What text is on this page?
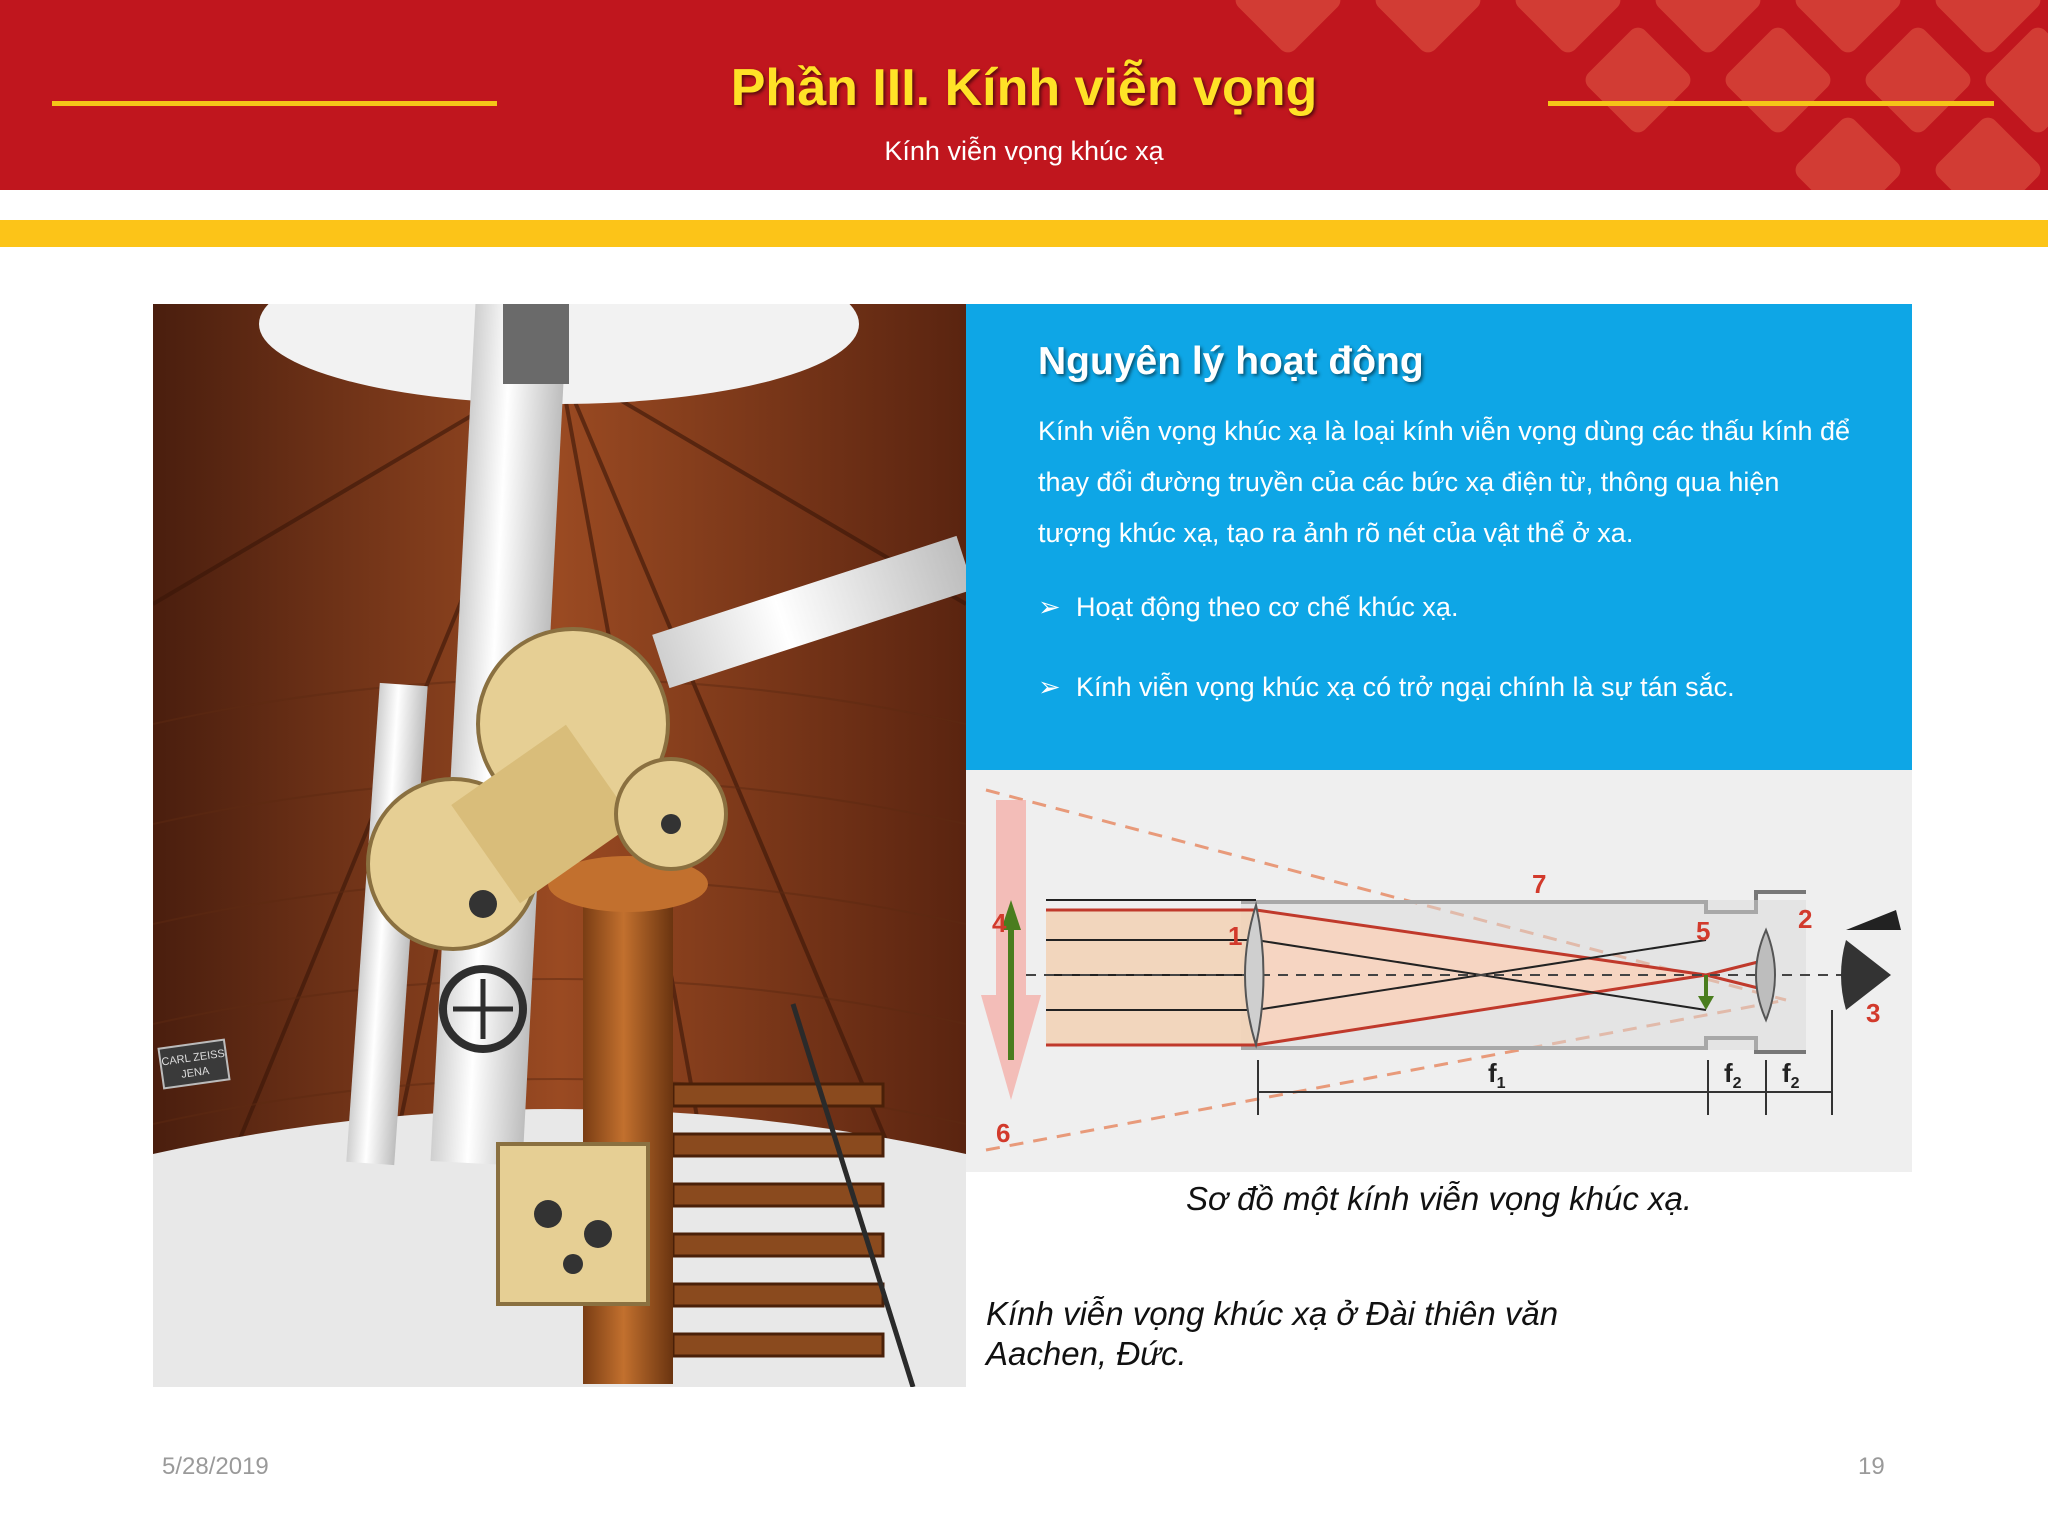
Phần III. Kính viễn vọng
Kính viễn vọng khúc xạ
CARL ZEISS
JENA
Nguyên lý hoạt động
Kính viễn vọng khúc xạ là loại kính viễn vọng dùng các thấu kính để thay đổi đường truyền của các bức xạ điện từ, thông qua hiện tượng khúc xạ, tạo ra ảnh rõ nét của vật thể ở xa.
➢ Hoạt động theo cơ chế khúc xạ.
➢ Kính viễn vọng khúc xạ có trở ngại chính là sự tán sắc.
1
2
3
4	5
6
7
$f_1$	$f_2$ $f_2$
Sơ đồ một kính viễn vọng khúc xạ.
Kính viễn vọng khúc xạ ở Đài thiên văn
Aachen, Đức.
5/28/2019	19
